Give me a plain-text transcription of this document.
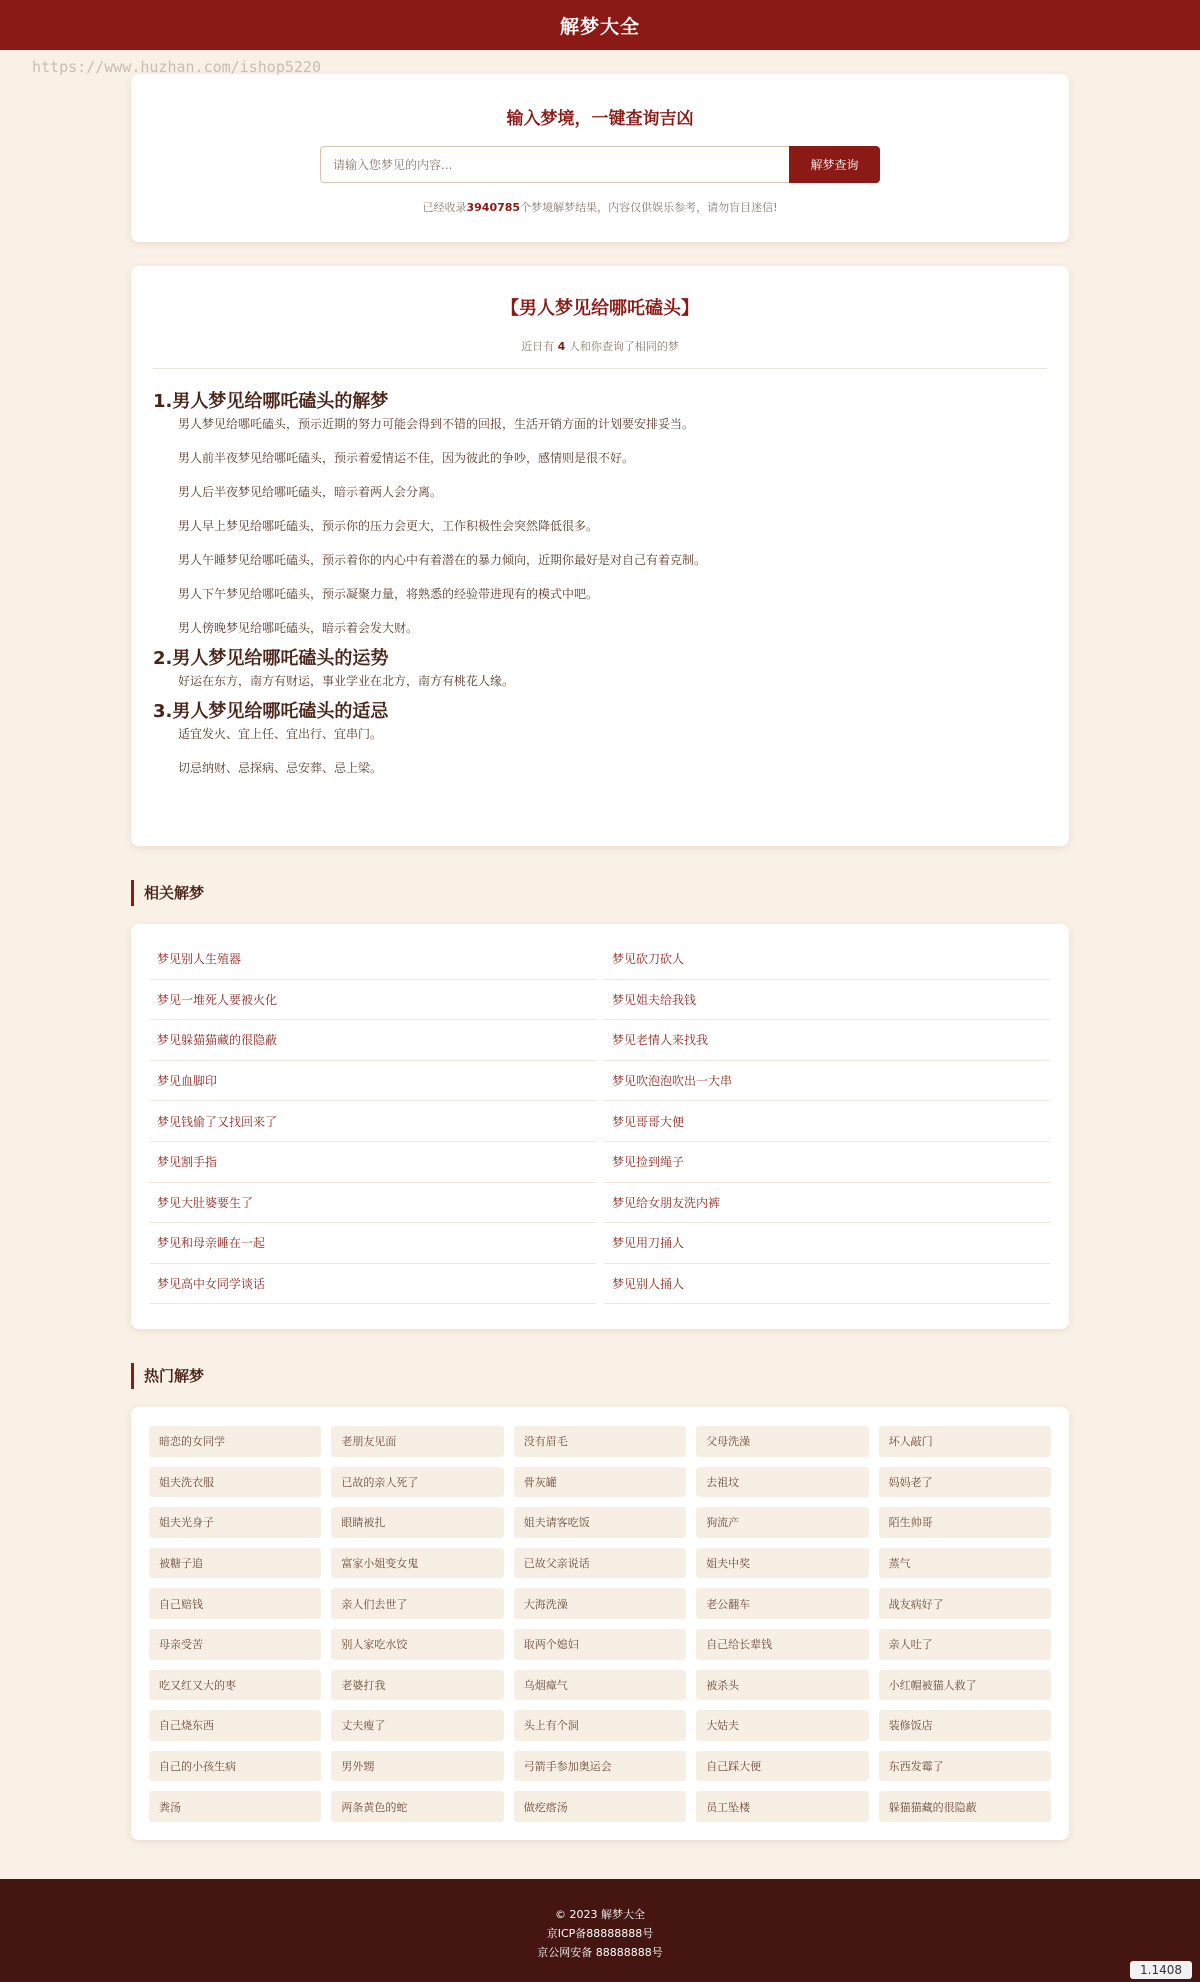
解梦大全
https://www.huzhan.com/ishop5220
输入梦境，一键查询吉凶
请输入您梦见的内容...
解梦查询
已经收录3940785个梦境解梦结果，内容仅供娱乐参考，请勿盲目迷信!
【男人梦见给哪吒磕头】
近日有 4 人和你查询了相同的梦
1.男人梦见给哪吒磕头的解梦

男人梦见给哪吒磕头，预示近期的努力可能会得到不错的回报，生活开销方面的计划要安排妥当。

男人前半夜梦见给哪吒磕头，预示着爱情运不佳，因为彼此的争吵，感情则是很不好。

男人后半夜梦见给哪吒磕头，暗示着两人会分离。

男人早上梦见给哪吒磕头，预示你的压力会更大，工作积极性会突然降低很多。

男人午睡梦见给哪吒磕头，预示着你的内心中有着潜在的暴力倾向，近期你最好是对自己有着克制。

男人下午梦见给哪吒磕头，预示凝聚力量，将熟悉的经验带进现有的模式中吧。

男人傍晚梦见给哪吒磕头，暗示着会发大财。

2.男人梦见给哪吒磕头的运势

好运在东方，南方有财运，事业学业在北方，南方有桃花人缘。

3.男人梦见给哪吒磕头的适忌

适宜发火、宜上任、宜出行、宜串门。

切忌纳财、忌探病、忌安葬、忌上梁。

相关解梦
梦见别人生殖器	梦见砍刀砍人
梦见一堆死人要被火化	梦见姐夫给我钱
梦见躲猫猫藏的很隐蔽	梦见老情人来找我
梦见血脚印	梦见吹泡泡吹出一大串
梦见钱偷了又找回来了	梦见哥哥大便
梦见割手指	梦见捡到绳子
梦见大肚婆要生了	梦见给女朋友洗内裤
梦见和母亲睡在一起	梦见用刀捅人
梦见高中女同学谈话	梦见别人捅人
热门解梦
暗恋的女同学	老朋友见面	没有眉毛	父母洗澡	坏人敲门
姐夫洗衣服	已故的亲人死了	骨灰罐	去祖坟	妈妈老了
姐夫光身子	眼睛被扎	姐夫请客吃饭	狗流产	陌生帅哥
被糖子追	富家小姐变女鬼	已故父亲说话	姐夫中奖	蒸气
自己赔钱	亲人们去世了	大海洗澡	老公翻车	战友病好了
母亲受苦	别人家吃水饺	取两个媳妇	自己给长辈钱	亲人吐了
吃又红又大的枣	老婆打我	乌烟瘴气	被杀头	小红帽被猫人救了
自己烧东西	丈夫瘦了	头上有个洞	大姑夫	装修饭店
自己的小孩生病	男外甥	弓箭手参加奥运会	自己踩大便	东西发霉了
粪汤	两条黄色的蛇	做疙瘩汤	员工坠楼	躲猫猫藏的很隐蔽
© 2023 解梦大全
京ICP备88888888号
京公网安备 88888888号
1.1408
